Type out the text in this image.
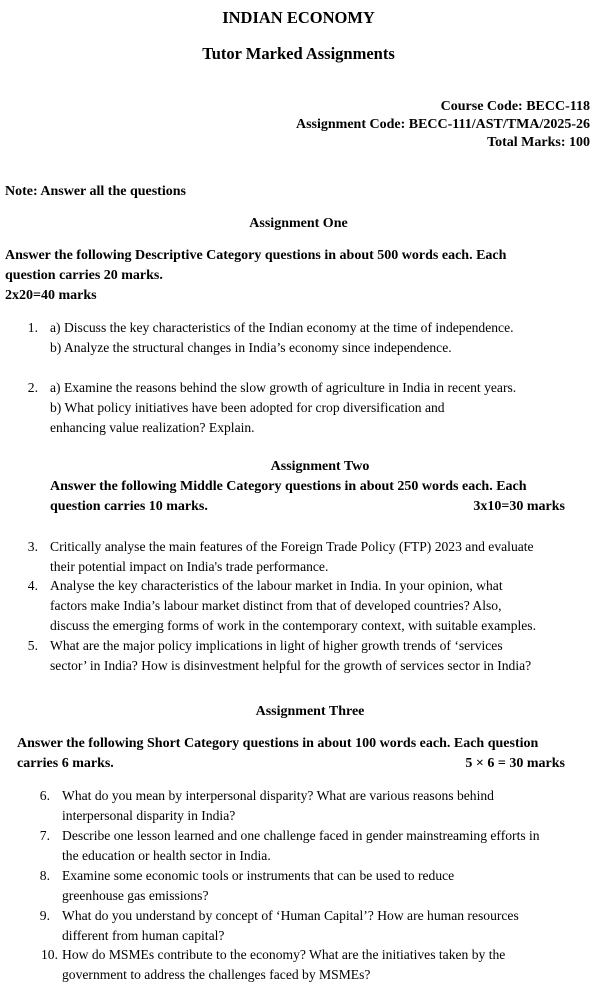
INDIAN ECONOMY
Tutor Marked Assignments
Course Code: BECC-118
Assignment Code: BECC-111/AST/TMA/2025-26
Total Marks: 100
Note: Answer all the questions
Assignment One
Answer the following Descriptive Category questions in about 500 words each. Each
question carries 20 marks.
2x20=40 marks
1. a) Discuss the key characteristics of the Indian economy at the time of independence.
b) Analyze the structural changes in India’s economy since independence.
2. a) Examine the reasons behind the slow growth of agriculture in India in recent years.
b) What policy initiatives have been adopted for crop diversification and
enhancing value realization? Explain.
Assignment Two
Answer the following Middle Category questions in about 250 words each. Each
question carries 10 marks.	3x10=30 marks
3. Critically analyse the main features of the Foreign Trade Policy (FTP) 2023 and evaluate
their potential impact on India's trade performance.
4. Analyse the key characteristics of the labour market in India. In your opinion, what
factors make India’s labour market distinct from that of developed countries? Also,
discuss the emerging forms of work in the contemporary context, with suitable examples.
5. What are the major policy implications in light of higher growth trends of ‘services
sector’ in India? How is disinvestment helpful for the growth of services sector in India?
Assignment Three
Answer the following Short Category questions in about 100 words each. Each question
carries 6 marks.	5 × 6 = 30 marks
6. What do you mean by interpersonal disparity? What are various reasons behind
interpersonal disparity in India?
7. Describe one lesson learned and one challenge faced in gender mainstreaming efforts in
the education or health sector in India.
8. Examine some economic tools or instruments that can be used to reduce
greenhouse gas emissions?
9. What do you understand by concept of ‘Human Capital’? How are human resources
different from human capital?
10. How do MSMEs contribute to the economy? What are the initiatives taken by the
government to address the challenges faced by MSMEs?
